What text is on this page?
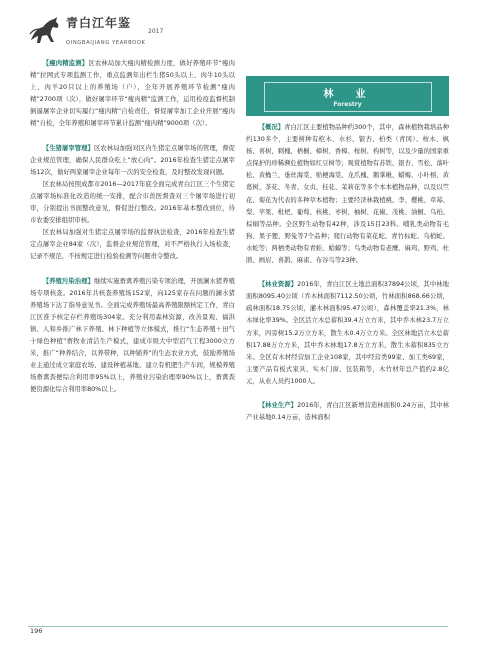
青白江年鉴
2017
QINGBAIJIANG YEARBOOK

【瘦肉精监测】区农林局加大瘦肉精检测力度，做好养殖环节“瘦肉精”拉网式专项监测工作，重点监测年出栏生猪50头以上、肉牛10头以上、肉羊20只以上的养殖场（户），全年开展养殖环节检测“瘦肉精”2700项（次），做好屠宰环节“瘦肉精”监测工作，运用检疫监督机制倒逼屠宰企业切实履行“瘦肉精”自检责任，督促屠宰加工企业开展“瘦肉精”自检，全年养殖和屠宰环节累计监测“瘦肉精”9000项（次）。

【生猪屠宰管理】区农林局加强对区内生猪定点屠宰场的管理，督促企业规范管理，确保人民群众吃上“放心肉”。2016年检查生猪定点屠宰场12次，做好两家屠宰企业每年一次的安全检查，及时整改发现问题。

区农林局按照成都市2016—2017年底全面完成青白江区三个生猪定点屠宰场标准化改造的统一安排，配合市兽医督查对三个屠宰场进行初审，分别提出书面整改意见，督促进行整改。2016年基本整改到位，待市农委安排组织审核。

区农林局加强对生猪定点屠宰场的监督执法检查，2016年检查生猪定点屠宰企业84家（次），监督企业规范管理，对不严格执行入场检查，记录不规范，不按规定进行检验检测等问题责令整改。

【养殖污染治理】继续实施畜禽养殖污染专项治理，开展澜水猪养殖场专项核查。2016年共核查养殖场152家，向125家存在问题的澜水猪养殖场下达了指导意见书。全面完成养殖场最高养殖限额核定工作，青白江区准予核定存栏养殖场304家。充分利用森林资源，改善景观、福洪镇、人和乡推广林下养殖、林下种植等立体模式，推行“生态养殖＋田气十绿色种植”畜牧业清洁生产模式，建成市级大中型沼气工程3000立方米，推广“种养结合，以养带种，以种铺养”的生态农业方式，鼓励养殖场业主通过成立家庭农场、建设种植基地、建立有机肥生产车间，规模养殖场畜禽粪便综合利用率95%以上，养殖业污染治理率90%以上，畜禽粪便资源化综合利用率80%以上。

林　业
Forestry

【概况】青白江区主要植物品种约300个，其中，森林植物栽培品种约130多个，主要树种有桤木、水杉、银杏、柏类（青冈）、桉木、枫杨、喜树、刺槐、梧桐、樟树、香樟、桉树、构树等，以及少量的国家重点保护的珍稀濒危植物如红豆树等；观赏植物有苏铁、银杏、雪松、落叶松、黄桷兰、垂丝海棠、贴梗海棠、龙爪槐、鹅掌楸、蜡梅、小叶榕、黄葛树、茶花、冬青、女贞、桂花、茉莉花等多个本本植物品种，以及以竺花、菊花为代表的多种草本植物；主要经济林栽植桃、李、樱桃、草莓、梨、苹果、枇杷、葡萄、核桃、枣树、柚树、花椒、茂桃、油桐、乌桕、棕榈等品种。全区野生动物有42种，涉及15目23科。哺乳类动物有毛狗、果子狸、野兔等7个品种；爬行动物有菜花蛇、青竹标蛇、乌梢蛇、水蛇等；两栖类动物有青蛙、蛤蟆等；鸟类动物有老鹰、麻鸡、野鸡、杜鹃、画眉、喜鹊、麻雀、布谷鸟等23种。

【林业资源】2016年，青白江区土地总面积37894公顷，其中林地面积8095.40公顷（乔木林面积7112.50公顷，竹林面积868.66公顷，疏林面积18.75公顷，灌木林面积95.47公顷），森林覆盖率21.3%，林木绿化率39%。全区活立木总蓄积39.4万立方米，其中乔木林23.7万立方米，四旁树15.2万立方米，散生木0.4万立方米。全区林地活立木总蓄积17.88万立方米，其中乔木林地17.8万立方米，散生木蓄积835立方米。全区有木材经营加工企业108家，其中经营类99家、加工类69家，主要产品有板式家具、实木门窗、包装箱等，木竹材年总产值约2.8亿元，从业人员约1000人。

【林业生产】2016年，青白江区新增营造林面积0.24万亩，其中林产业基地0.14万亩，造林面积

196
